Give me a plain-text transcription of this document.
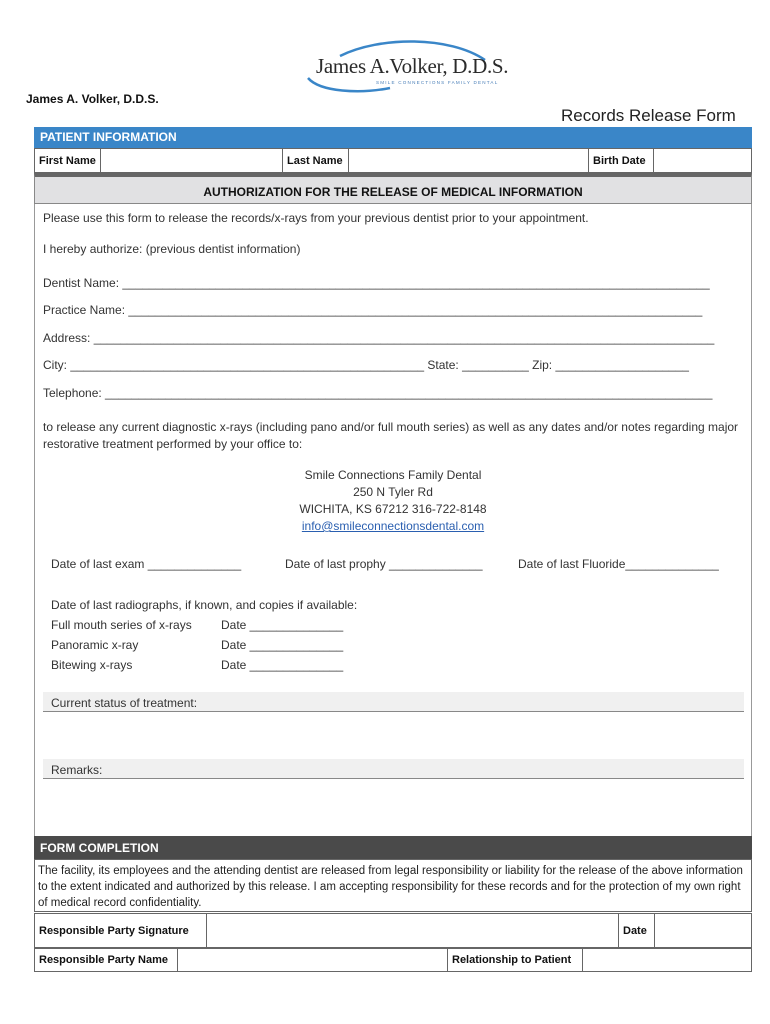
James A.Volker, D.D.S.
SMILE CONNECTIONS FAMILY DENTAL
James A. Volker, D.D.S.
Records Release Form
PATIENT INFORMATION
First Name	Last Name	Birth Date
AUTHORIZATION FOR THE RELEASE OF MEDICAL INFORMATION
Please use this form to release the records/x-rays from your previous dentist prior to your appointment.
I hereby authorize: (previous dentist information)
Dentist Name: ________________________________________________________________________________________
Practice Name: ______________________________________________________________________________________
Address: _____________________________________________________________________________________________
City: _____________________________________________________ State: __________ Zip: ____________________
Telephone: ___________________________________________________________________________________________
to release any current diagnostic x-rays (including pano and/or full mouth series) as well as any dates and/or notes regarding major restorative treatment performed by your office to:
Smile Connections Family Dental
250 N Tyler Rd
WICHITA, KS 67212 316-722-8148
info@smileconnectionsdental.com
Date of last exam ______________	Date of last prophy ______________	Date of last Fluoride______________
Date of last radiographs, if known, and copies if available:
Full mouth series of x-rays Date ______________
Panoramic x-ray	Date ______________
Bitewing x-rays	Date ______________
Current status of treatment:
Remarks:
FORM COMPLETION
The facility, its employees and the attending dentist are released from legal responsibility or liability for the release of the above information to the extent indicated and authorized by this release. I am accepting responsibility for these records and for the protection of my own right of medical record confidentiality.
Responsible Party Signature	Date
Responsible Party Name	Relationship to Patient
